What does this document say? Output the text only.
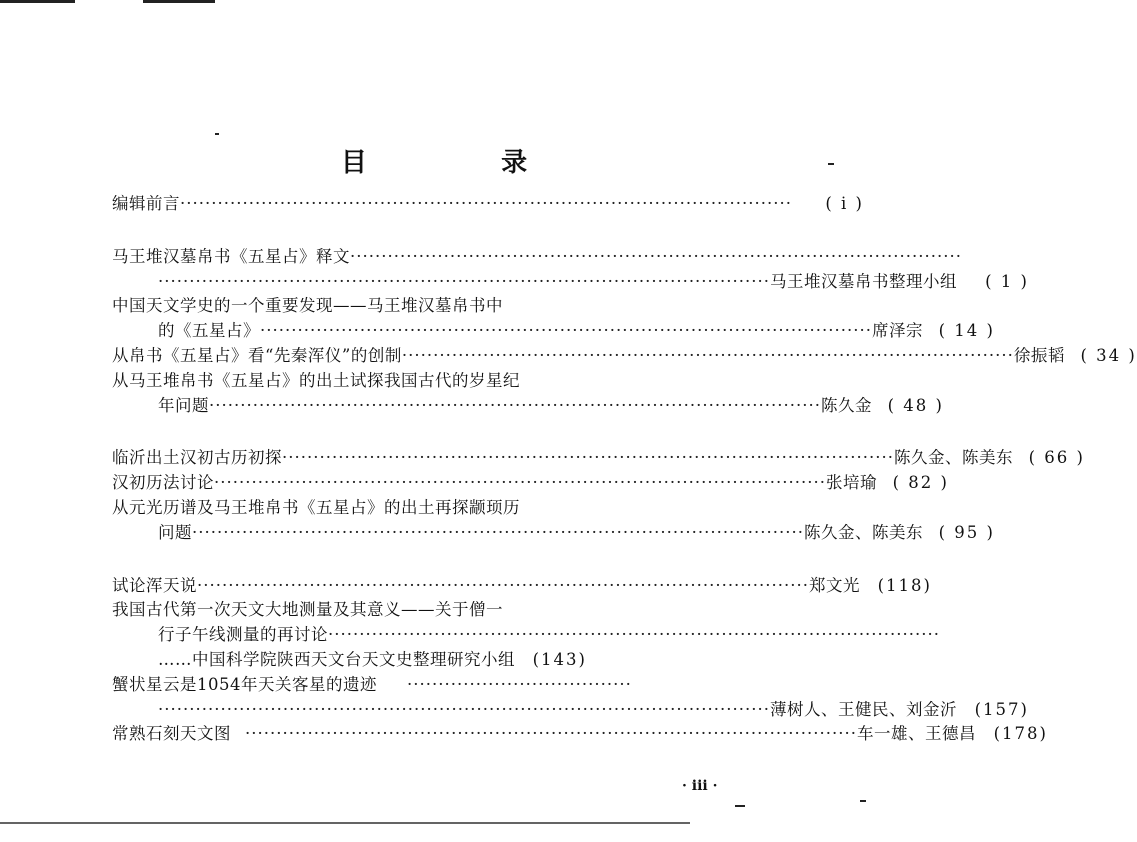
目	录
编辑前言 ··································································································	( i )
马王堆汉墓帛书《五星占》释文 ··································································································
·································································································· 马王堆汉墓帛书整理小组	( 1 )
中国天文学史的一个重要发现——马王堆汉墓帛书中
的《五星占》 ·································································································· 席泽宗 ( 14 )
从帛书《五星占》看“先秦浑仪”的创制 ·································································································· 徐振韬 ( 34 )
从马王堆帛书《五星占》的出土试探我国古代的岁星纪
年问题 ·································································································· 陈久金 ( 48 )
临沂出土汉初古历初探 ·································································································· 陈久金、陈美东 ( 66 )
汉初历法讨论 ·································································································· 张培瑜 ( 82 )
从元光历谱及马王堆帛书《五星占》的出土再探颛顼历
问题 ·································································································· 陈久金、陈美东 ( 95 )
试论浑天说 ·································································································· 郑文光	(118)
我国古代第一次天文大地测量及其意义——关于僧一
行子午线测量的再讨论 ··································································································
…… 中国科学院陕西天文台天文史整理研究小组	(143)
蟹状星云是1054年天关客星的遗迹	····································
·································································································· 薄树人、王健民、刘金沂	(157)
常熟石刻天文图 ·································································································· 车一雄、王德昌	(178)
· iii ·
